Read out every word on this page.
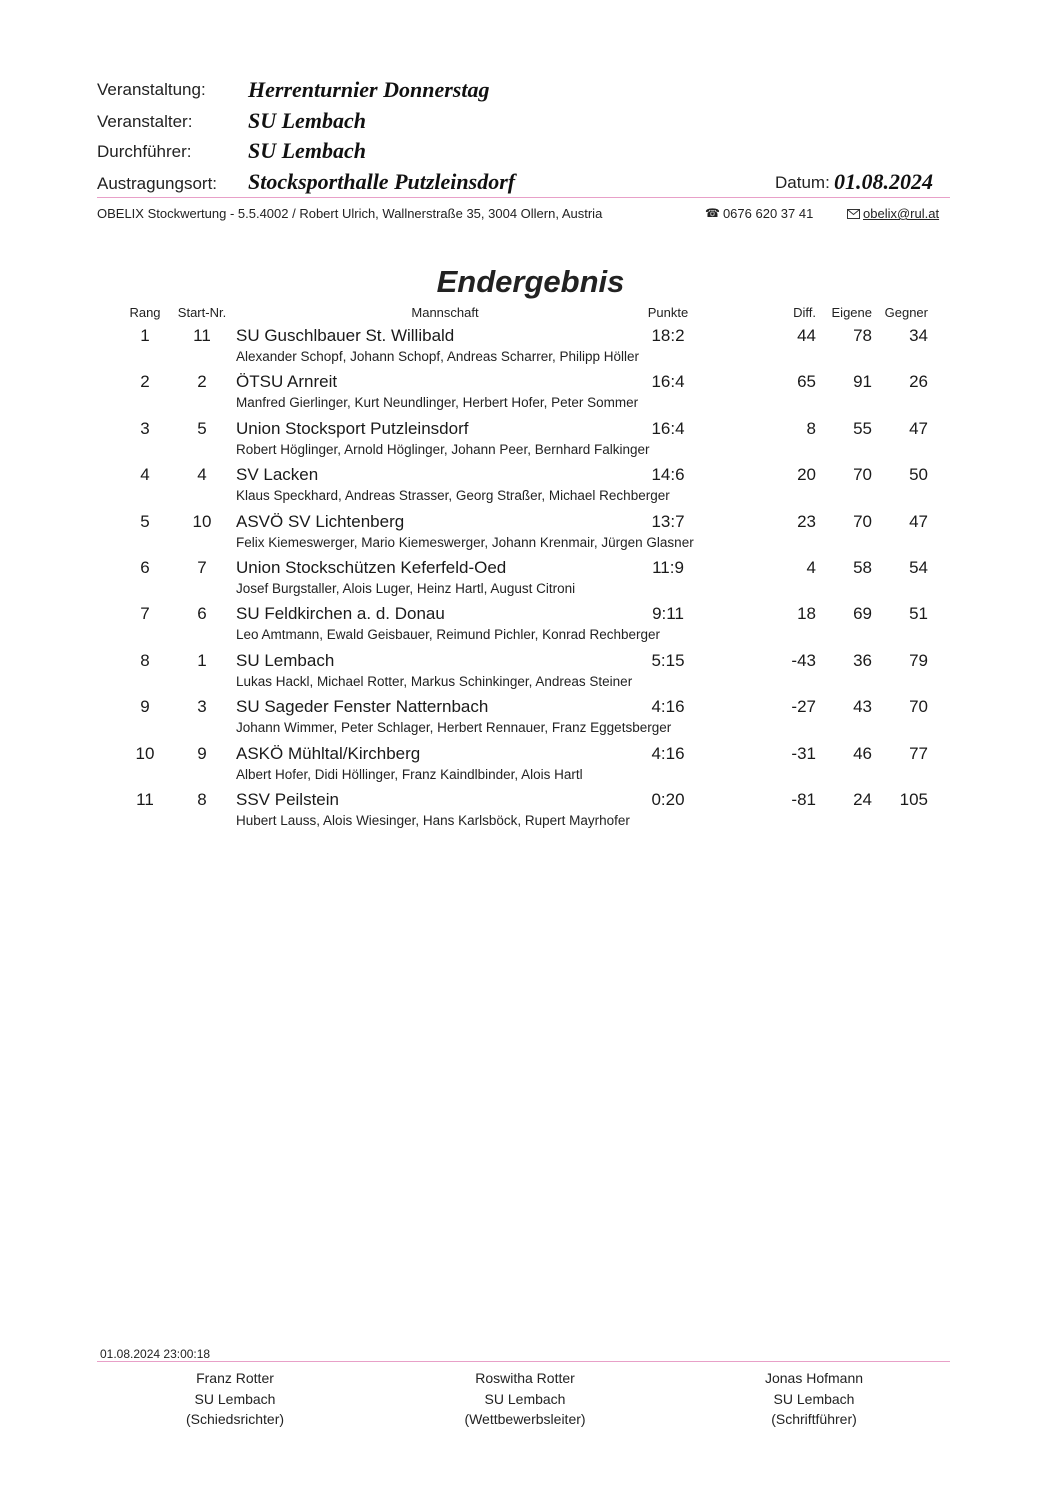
Veranstaltung: Herrenturnier Donnerstag
Veranstalter:	SU Lembach
Durchführer:	SU Lembach
Austragungsort: Stocksporthalle Putzleinsdorf	Datum: 01.08.2024
OBELIX Stockwertung - 5.5.4002 / Robert Ulrich, Wallnerstraße 35, 3004 Ollern, Austria	☎ 0676 620 37 41	obelix@rul.at
Endergebnis
Rang	Start-Nr.	Mannschaft	Punkte	Diff.	Eigene Gegner
1	11	SU Guschlbauer St. Willibald	18:2	44	78	34
Alexander Schopf, Johann Schopf, Andreas Scharrer, Philipp Höller
2	2	ÖTSU Arnreit	16:4	65	91	26
Manfred Gierlinger, Kurt Neundlinger, Herbert Hofer, Peter Sommer
3	5	Union Stocksport Putzleinsdorf	16:4	8	55	47
Robert Höglinger, Arnold Höglinger, Johann Peer, Bernhard Falkinger
4	4	SV Lacken	14:6	20	70	50
Klaus Speckhard, Andreas Strasser, Georg Straßer, Michael Rechberger
5	10	ASVÖ SV Lichtenberg	13:7	23	70	47
Felix Kiemeswerger, Mario Kiemeswerger, Johann Krenmair, Jürgen Glasner
6	7	Union Stockschützen Keferfeld-Oed	11:9	4	58	54
Josef Burgstaller, Alois Luger, Heinz Hartl, August Citroni
7	6	SU Feldkirchen a. d. Donau	9:11	18	69	51
Leo Amtmann, Ewald Geisbauer, Reimund Pichler, Konrad Rechberger
8	1	SU Lembach	5:15	-43	36	79
Lukas Hackl, Michael Rotter, Markus Schinkinger, Andreas Steiner
9	3	SU Sageder Fenster Natternbach	4:16	-27	43	70
Johann Wimmer, Peter Schlager, Herbert Rennauer, Franz Eggetsberger
10	9	ASKÖ Mühltal/Kirchberg	4:16	-31	46	77
Albert Hofer, Didi Höllinger, Franz Kaindlbinder, Alois Hartl
11	8	SSV Peilstein	0:20	-81	24	105
Hubert Lauss, Alois Wiesinger, Hans Karlsböck, Rupert Mayrhofer
01.08.2024 23:00:18
Franz Rotter
SU Lembach
(Schiedsrichter)
Roswitha Rotter
SU Lembach
(Wettbewerbsleiter)
Jonas Hofmann
SU Lembach
(Schriftführer)
